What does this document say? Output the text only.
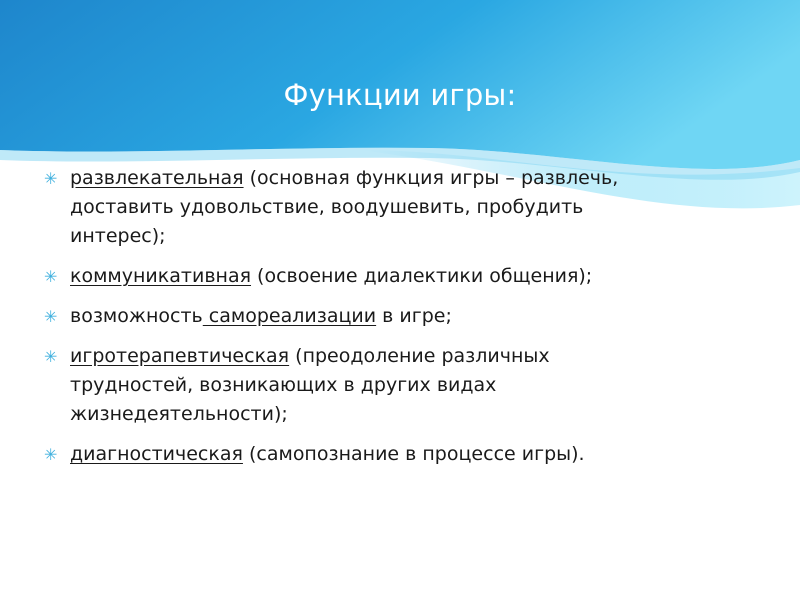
Функции игры:
✳ развлекательная (основная функция игры – развлечь, доставить удовольствие, воодушевить, пробудить интерес);
✳ коммуникативная (освоение диалектики общения);
✳ возможность самореализации в игре;
✳ игротерапевтическая (преодоление различных трудностей, возникающих в других видах жизнедеятельности);
✳ диагностическая (самопознание в процессе игры).
